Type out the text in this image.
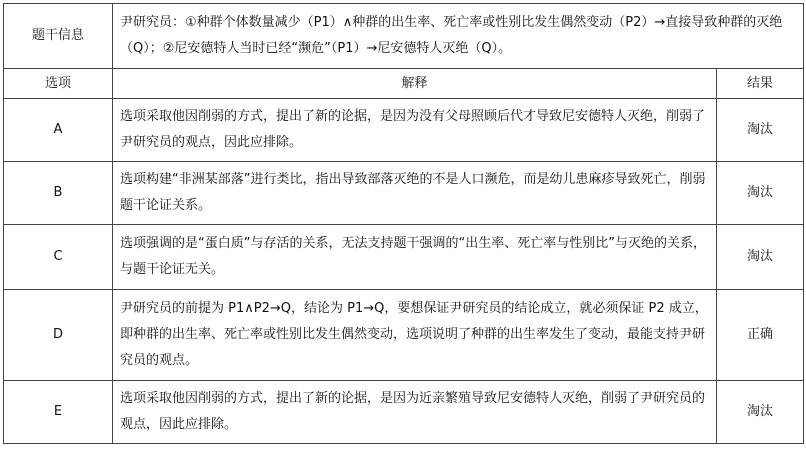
题干信息	尹研究员：①种群个体数量减少（P1）∧种群的出生率、死亡率或性别比发生偶然变动（P2）→直接导致种群的灭绝（Q）；②尼安德特人当时已经“濒危”（P1）→尼安德特人灭绝（Q）。	
选项	解释	结果
A	选项采取他因削弱的方式，提出了新的论据，是因为没有父母照顾后代才导致尼安德特人灭绝，削弱了尹研究员的观点，因此应排除。	淘汰
B	选项构建“非洲某部落”进行类比，指出导致部落灭绝的不是人口濒危，而是幼儿患麻疹导致死亡，削弱题干论证关系。	淘汰
C	选项强调的是“蛋白质”与存活的关系，无法支持题干强调的“出生率、死亡率与性别比”与灭绝的关系，与题干论证无关。	淘汰
D	尹研究员的前提为 P1∧P2→Q，结论为 P1→Q，要想保证尹研究员的结论成立，就必须保证 P2 成立，即种群的出生率、死亡率或性别比发生偶然变动，选项说明了种群的出生率发生了变动，最能支持尹研究员的观点。	正确
E	选项采取他因削弱的方式，提出了新的论据，是因为近亲繁殖导致尼安德特人灭绝，削弱了尹研究员的观点，因此应排除。	淘汰
